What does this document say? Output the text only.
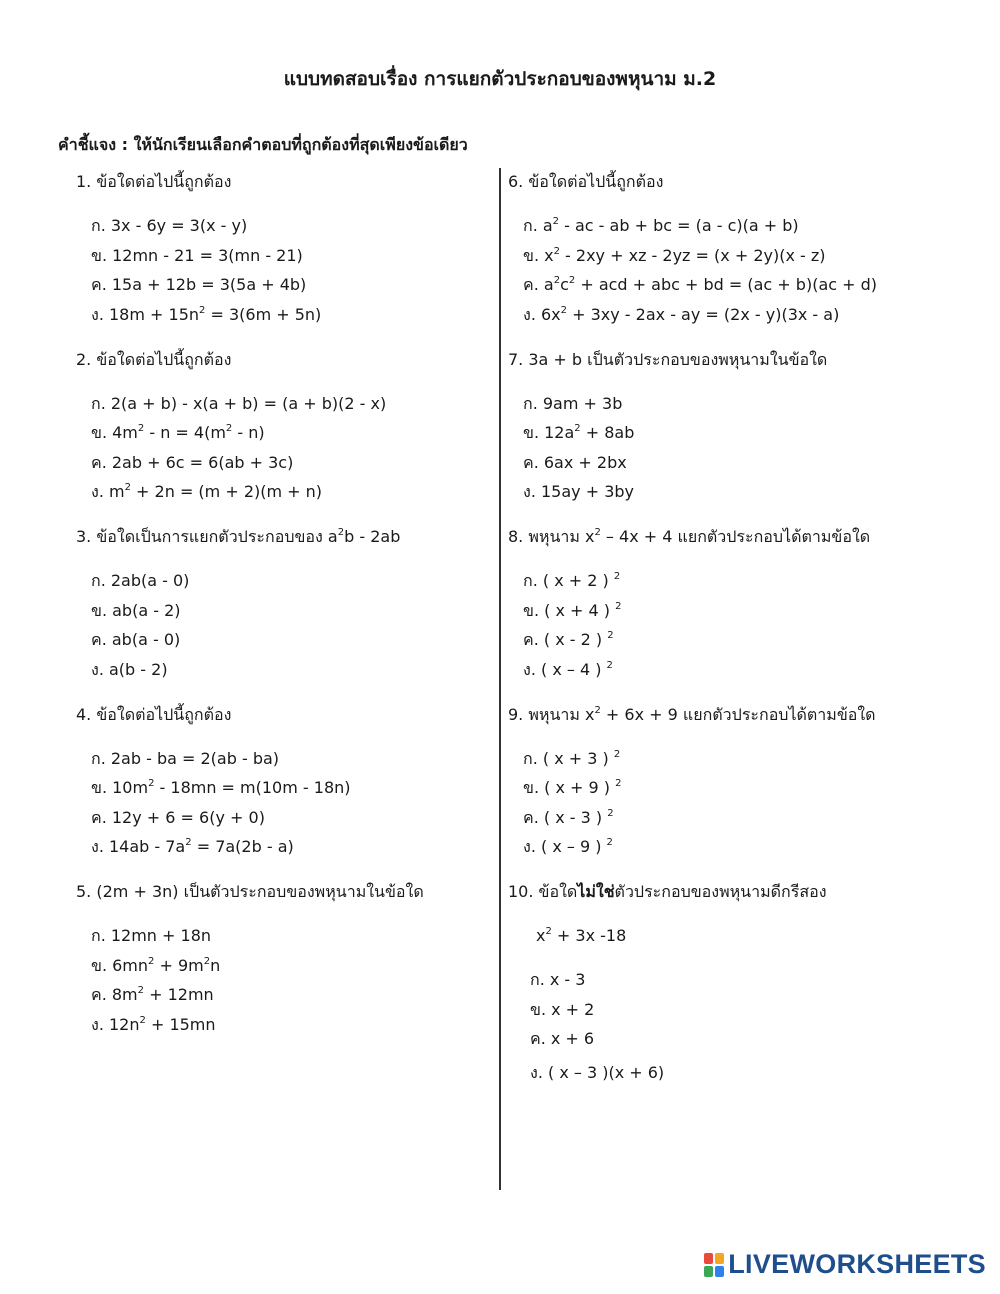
แบบทดสอบเรื่อง การแยกตัวประกอบของพหุนาม ม.2
คำชี้แจง : ให้นักเรียนเลือกคำตอบที่ถูกต้องที่สุดเพียงข้อเดียว
1. ข้อใดต่อไปนี้ถูกต้อง
ก. 3x - 6y = 3(x - y)
ข. 12mn - 21 = 3(mn - 21)
ค. 15a + 12b = 3(5a + 4b)
ง. $18m + 15n^2 = 3(6m + 5n)$
2. ข้อใดต่อไปนี้ถูกต้อง
ก. 2(a + b) - x(a + b) = (a + b)(2 - x)
ข. $4m^2 - n = 4(m^2 - n)$
ค. 2ab + 6c = 6(ab + 3c)
ง. $m^2 + 2n = (m + 2)(m + n)$
3. ข้อใดเป็นการแยกตัวประกอบของ $a^2b - 2ab$
ก. 2ab(a - 0)
ข. ab(a - 2)
ค. ab(a - 0)
ง. a(b - 2)
4. ข้อใดต่อไปนี้ถูกต้อง
ก. 2ab - ba = 2(ab - ba)
ข. $10m^2 - 18mn = m(10m - 18n)$
ค. 12y + 6 = 6(y + 0)
ง. $14ab - 7a^2 = 7a(2b - a)$
5. (2m + 3n) เป็นตัวประกอบของพหุนามในข้อใด
ก. 12mn + 18n
ข. $6mn^2 + 9m^2n$
ค. $8m^2 + 12mn$
ง. $12n^2 + 15mn$
6. ข้อใดต่อไปนี้ถูกต้อง
ก. $a^2$ - ac - ab + bc = (a - c)(a + b)
ข. $x^2 - 2xy$ + xz - 2yz = (x + 2y)(x - z)
ค. $a^2c^2$ + acd + abc + bd = (ac + b)(ac + d)
ง. $6x^2 + 3xy - 2ax$ - ay = (2x - y)(3x - a)
7. 3a + b เป็นตัวประกอบของพหุนามในข้อใด
ก. 9am + 3b
ข. $12a^2 + 8ab$
ค. 6ax + 2bx
ง. 15ay + 3by
8. พหุนาม $x^2 - 4x + 4$ แยกตัวประกอบได้ตามข้อใด
ก. ( x + 2 ) $^2$
ข. ( x + 4 ) $^2$
ค. ( x - 2 ) $^2$
ง. ( x – 4 ) $^2$
9. พหุนาม $x^2 + 6x + 9$ แยกตัวประกอบได้ตามข้อใด
ก. ( x + 3 ) $^2$
ข. ( x + 9 ) $^2$
ค. ( x - 3 ) $^2$
ง. ( x – 9 ) $^2$
10. ข้อใดไม่ใช่ตัวประกอบของพหุนามดีกรีสอง
$x^2 + 3x$ -18
ก. x - 3
ข. x + 2
ค. x + 6
ง. ( x – 3 )(x + 6)
LIVEWORKSHEETS
